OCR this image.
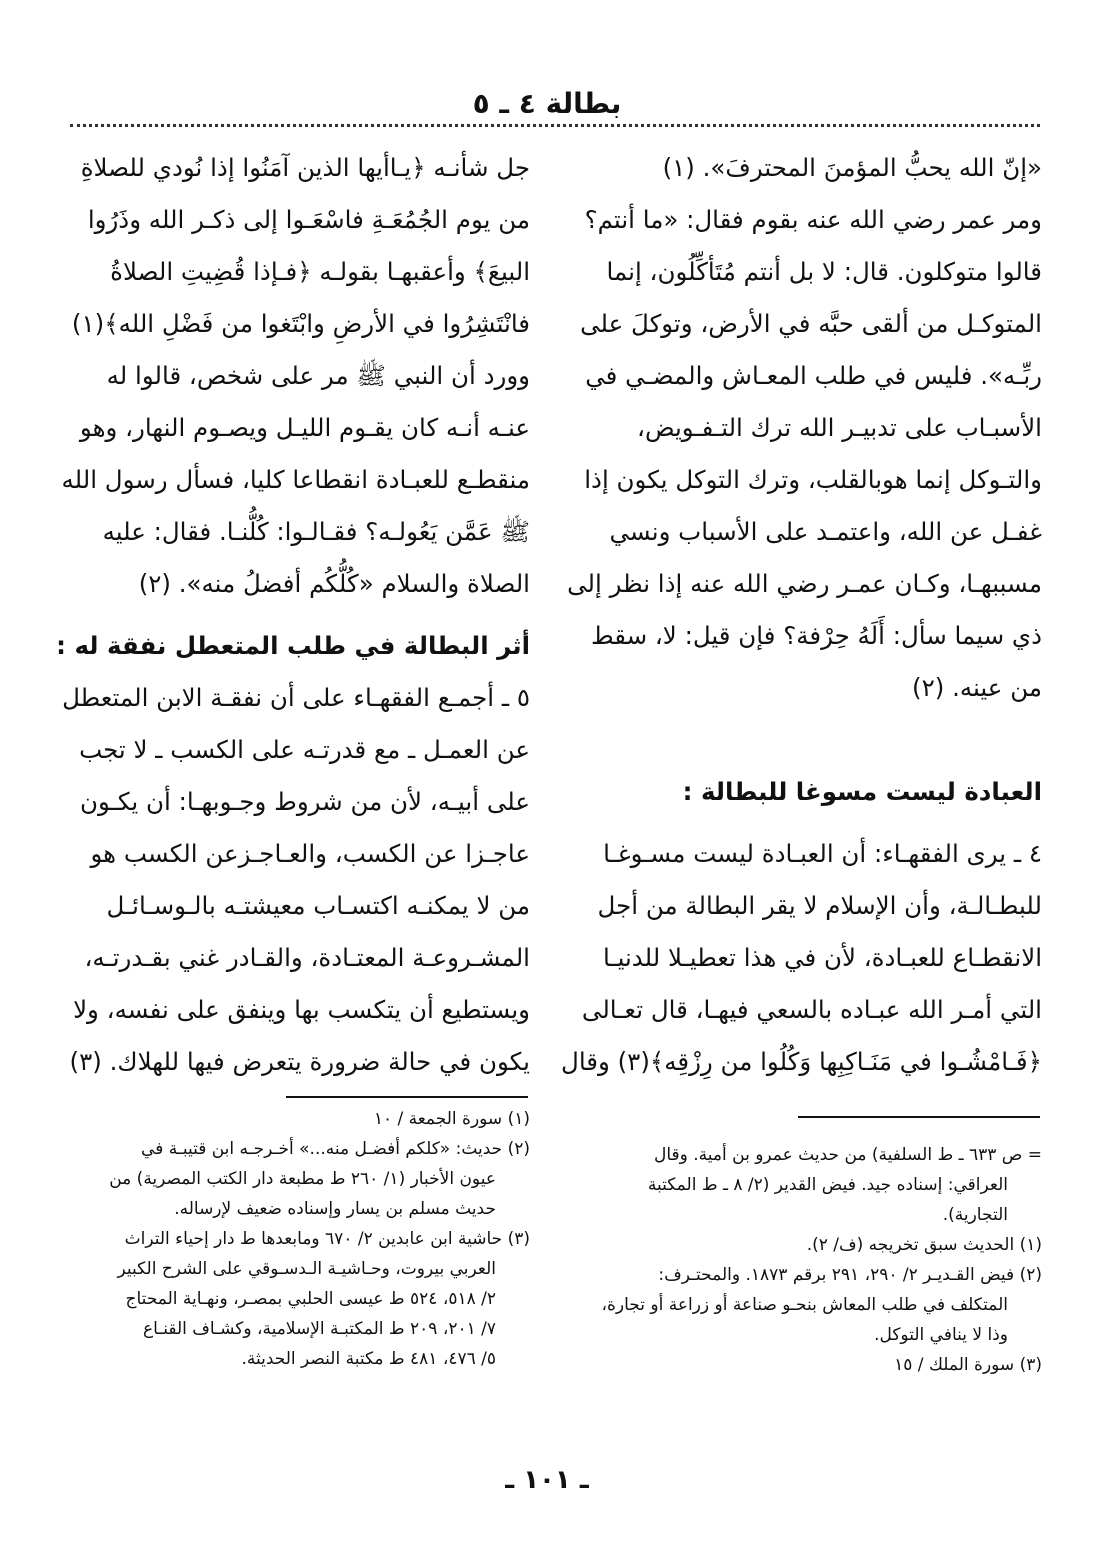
بطالة ٤ ـ ٥
«إنّ الله يحبُّ المؤمنَ المحترفَ». (١)
ومر عمر رضي الله عنه بقوم فقال: «ما أنتم؟
قالوا متوكلون. قال: لا بل أنتم مُتَأكِّلُون، إنما
المتوكـل من ألقى حبَّه في الأرض، وتوكلَ على
ربِّـه». فليس في طلب المعـاش والمضـي في
الأسبـاب على تدبيـر الله ترك التـفـويض،
والتـوكل إنما هوبالقلب، وترك التوكل يكون إذا
غفـل عن الله، واعتمـد على الأسباب ونسي
مسببهـا، وكـان عمـر رضي الله عنه إذا نظر إلى
ذي سيما سأل: أَلَهُ حِرْفة؟ فإن قيل: لا، سقط
من عينه. (٢)
العبادة ليست مسوغا للبطالة :
٤ ـ يرى الفقهـاء: أن العبـادة ليست مسـوغـا
للبطـالـة، وأن الإسلام لا يقر البطالة من أجل
الانقطـاع للعبـادة، لأن في هذا تعطيـلا للدنيـا
التي أمـر الله عبـاده بالسعي فيهـا، قال تعـالى
﴿فَـامْشُـوا في مَنَـاكِبِها وَكُلُوا من رِزْقِه﴾(٣) وقال
جل شأنـه ﴿يـاأيها الذين آمَنُوا إذا نُودي للصلاةِ
من يوم الجُمُعَـةِ فاسْعَـوا إلى ذكـر الله وذَرُوا
البيعَ﴾ وأعقبهـا بقولـه ﴿فـإذا قُضِيتِ الصلاةُ
فانْتَشِرُوا في الأرضِ وابْتَغوا من فَضْلِ الله﴾(١)
وورد أن النبي ﷺ مر على شخص، قالوا له
عنـه أنـه كان يقـوم الليـل ويصـوم النهار، وهو
منقطـع للعبـادة انقطاعا كليا، فسأل رسول الله
ﷺ عَمَّن يَعُولـه؟ فقـالـوا: كُلُّنـا. فقال: عليه
الصلاة والسلام «كُلُّكُم أفضلُ منه». (٢)
أثر البطالة في طلب المتعطل نفقة له :
٥ ـ أجمـع الفقهـاء على أن نفقـة الابن المتعطل
عن العمـل ـ مع قدرتـه على الكسب ـ لا تجب
على أبيـه، لأن من شروط وجـوبهـا: أن يكـون
عاجـزا عن الكسب، والعـاجـزعن الكسب هو
من لا يمكنـه اكتسـاب معيشتـه بالـوسـائـل
المشـروعـة المعتـادة، والقـادر غني بقـدرتـه،
ويستطيع أن يتكسب بها وينفق على نفسه، ولا
يكون في حالة ضرورة يتعرض فيها للهلاك. (٣)
(١) سورة الجمعة / ١٠
(٢) حديث: «كلكم أفضـل منه...» أخـرجـه ابن قتيبـة في
عيون الأخبار (١/ ٢٦٠ ط مطبعة دار الكتب المصرية) من
حديث مسلم بن يسار وإسناده ضعيف لإرساله.
(٣) حاشية ابن عابدين ٢/ ٦٧٠ ومابعدها ط دار إحياء التراث
العربي بيروت، وحـاشيـة الـدسـوقي على الشرح الكبير
٢/ ٥١٨، ٥٢٤ ط عيسى الحلبي بمصـر، ونهـاية المحتاج
٧/ ٢٠١، ٢٠٩ ط المكتبـة الإسلامية، وكشـاف القنـاع
٥/ ٤٧٦، ٤٨١ ط مكتبة النصر الحديثة.
= ص ٦٣٣ ـ ط السلفية) من حديث عمرو بن أمية. وقال
العراقي: إسناده جيد. فيض القدير (٢/ ٨ ـ ط المكتبة
التجارية).
(١) الحديث سبق تخريجه (ف/ ٢).
(٢) فيض القـديـر ٢/ ٢٩٠، ٢٩١ برقم ١٨٧٣. والمحتـرف:
المتكلف في طلب المعاش بنحـو صناعة أو زراعة أو تجارة،
وذا لا ينافي التوكل.
(٣) سورة الملك / ١٥
ـ ١٠١ ـ
